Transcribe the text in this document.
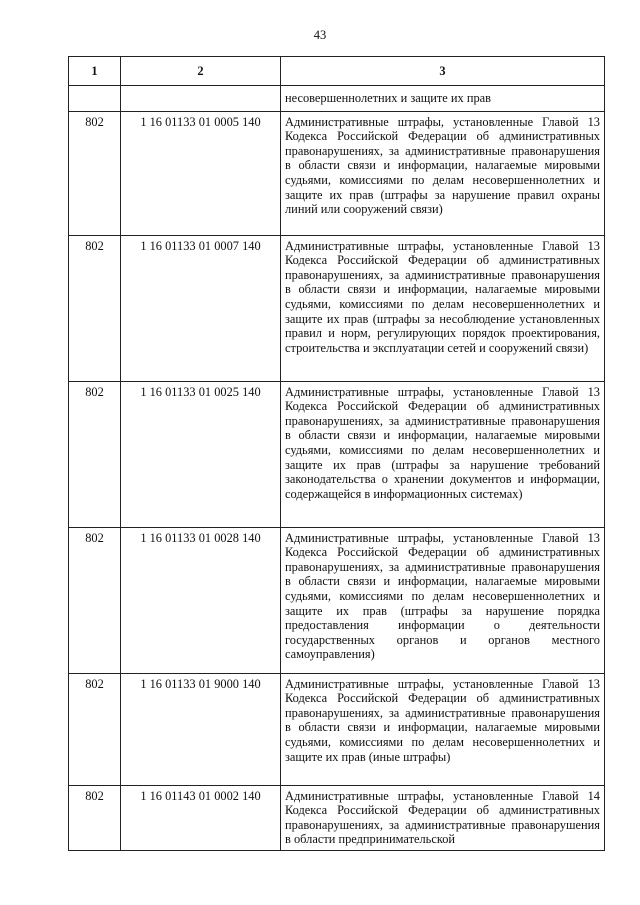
43
1	2	3
		несовершеннолетних и защите их прав
802	1 16 01133 01 0005 140	Административные штрафы, установленные Главой 13 Кодекса Российской Федерации об административных правонарушениях, за административные правонарушения в области связи и информации, налагаемые мировыми судьями, комиссиями по делам несовершеннолетних и защите их прав (штрафы за нарушение правил охраны линий или сооружений связи)
802	1 16 01133 01 0007 140	Административные штрафы, установленные Главой 13 Кодекса Российской Федерации об административных правонарушениях, за административные правонарушения в области связи и информации, налагаемые мировыми судьями, комиссиями по делам несовершеннолетних и защите их прав (штрафы за несоблюдение установленных правил и норм, регулирующих порядок проектирования, строительства и эксплуатации сетей и сооружений связи)
802	1 16 01133 01 0025 140	Административные штрафы, установленные Главой 13 Кодекса Российской Федерации об административных правонарушениях, за административные правонарушения в области связи и информации, налагаемые мировыми судьями, комиссиями по делам несовершеннолетних и защите их прав (штрафы за нарушение требований законодательства о хранении документов и информации, содержащейся в информационных системах)
802	1 16 01133 01 0028 140	Административные штрафы, установленные Главой 13 Кодекса Российской Федерации об административных правонарушениях, за административные правонарушения в области связи и информации, налагаемые мировыми судьями, комиссиями по делам несовершеннолетних и защите их прав (штрафы за нарушение порядка предоставления информации о деятельности государственных органов и органов местного самоуправления)
802	1 16 01133 01 9000 140	Административные штрафы, установленные Главой 13 Кодекса Российской Федерации об административных правонарушениях, за административные правонарушения в области связи и информации, налагаемые мировыми судьями, комиссиями по делам несовершеннолетних и защите их прав (иные штрафы)
802	1 16 01143 01 0002 140	Административные штрафы, установленные Главой 14 Кодекса Российской Федерации об административных правонарушениях, за административные правонарушения в области предпринимательской
